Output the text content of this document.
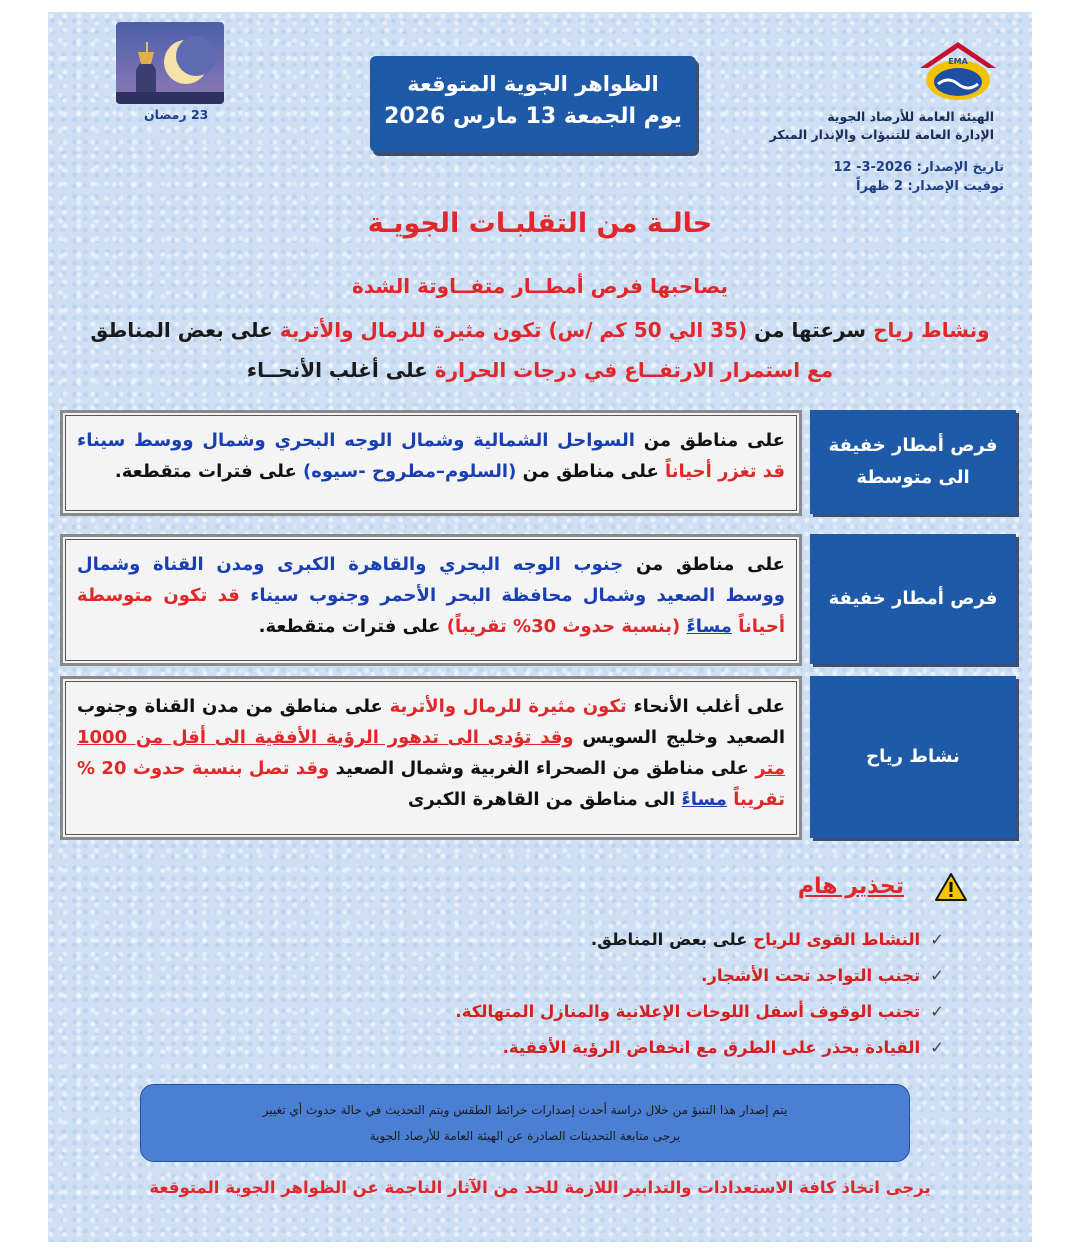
23 رمضان
الظواهر الجوية المتوقعة
يوم الجمعة 13 مارس 2026
EMA
الهيئة العامة للأرصاد الجوية
الإدارة العامة للتنبؤات والإنذار المبكر
تاريخ الإصدار: 12 -3-2026
توقيت الإصدار: 2 ظهراً
حالـة من التقلبـات الجويـة
يصاحبها فرص أمطــار متفــاوتة الشدة
ونشاط رياح سرعتها من (35 الي 50 كم /س) تكون مثيرة للرمال والأتربة على بعض المناطق
مع استمرار الارتفــاع في درجات الحرارة على أغلب الأنحــاء
فرص أمطار خفيفة الى متوسطة
على مناطق من السواحل الشمالية وشمال الوجه البحري وشمال ووسط سيناء قد تغزر أحياناً على مناطق من (السلوم–مطروح -سيوه) على فترات متقطعة.
فرص أمطار خفيفة
على مناطق من جنوب الوجه البحري والقاهرة الكبرى ومدن القناة وشمال ووسط الصعيد وشمال محافظة البحر الأحمر وجنوب سيناء قد تكون متوسطة أحياناً مساءً (بنسبة حدوث 30% تقريباً) على فترات متقطعة.
نشاط رياح
على أغلب الأنحاء تكون مثيرة للرمال والأتربة على مناطق من مدن القناة وجنوب الصعيد وخليج السويس وقد تؤدى الى تدهور الرؤية الأفقية الى أقل من 1000 متر على مناطق من الصحراء الغربية وشمال الصعيد وقد تصل بنسبة حدوث 20 % تقريباً مساءً الى مناطق من القاهرة الكبرى
تحذير هام
✓النشاط القوى للرياح على بعض المناطق.
✓تجنب التواجد تحت الأشجار.
✓تجنب الوقوف أسفل اللوحات الإعلانية والمنازل المتهالكة.
✓القيادة بحذر على الطرق مع انخفاض الرؤية الأفقية.
يتم إصدار هذا التنبؤ من خلال دراسة أحدث إصدارات خرائط الطقس ويتم التحديث في حالة حدوث أي تغيير
يرجى متابعة التحديثات الصادرة عن الهيئة العامة للأرصاد الجوية
يرجى اتخاذ كافة الاستعدادات والتدابير اللازمة للحد من الآثار الناجمة عن الظواهر الجوية المتوقعة
